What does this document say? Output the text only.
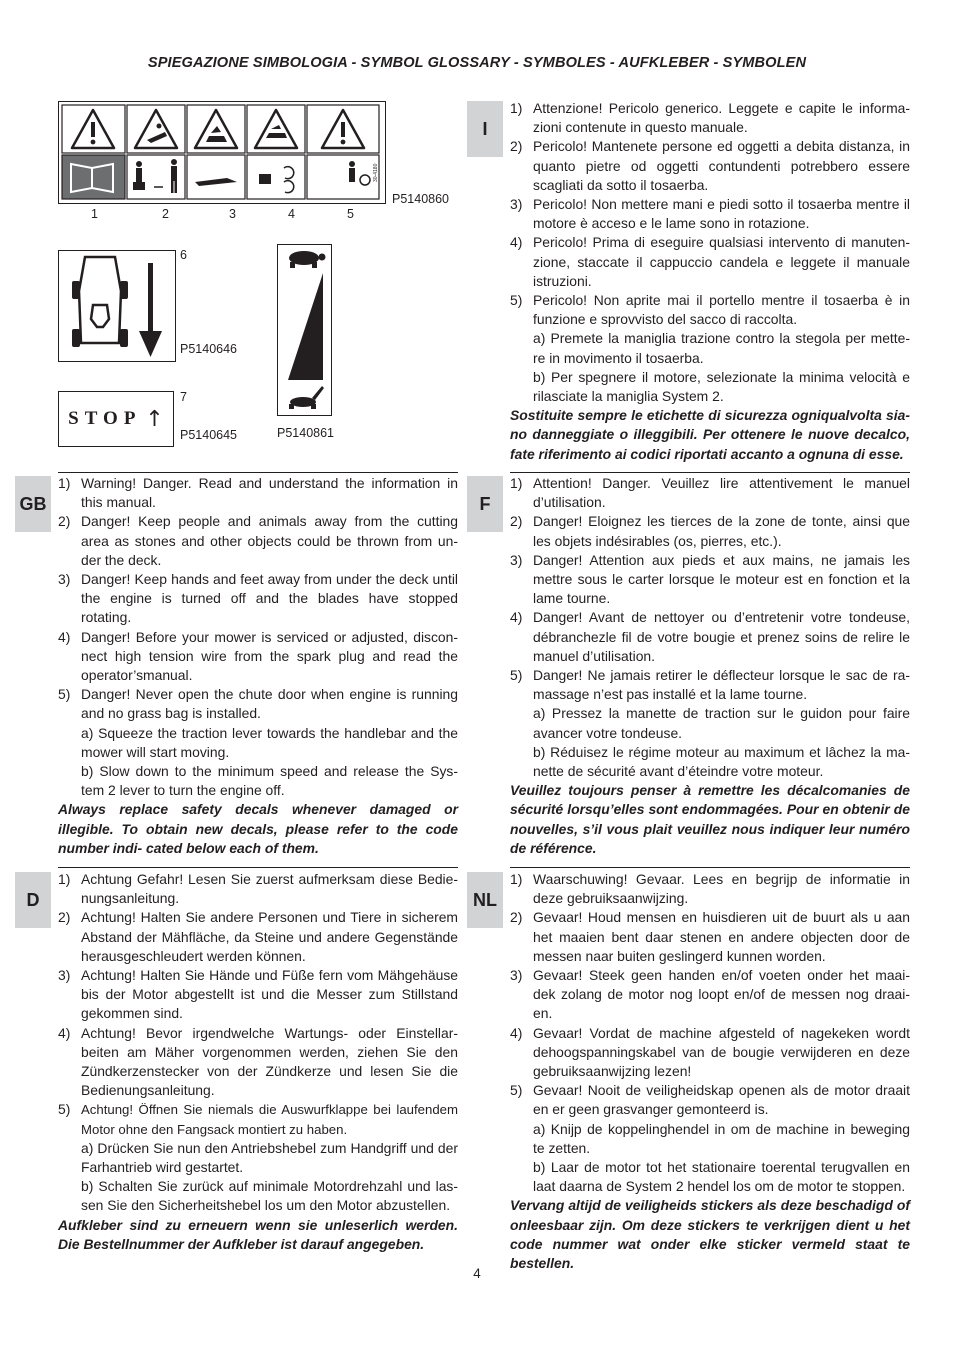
SPIEGAZIONE SIMBOLOGIA - SYMBOL GLOSSARY - SYMBOLES - AUFKLEBER - SYMBOLEN
30-4180
1	2	3	4	5
P5140860
6
P5140646
STOP ↑
7
P5140645	P5140861
I
GB	F
D	NL
1) Attenzione! Pericolo generico. Leggete e capite le informa- zioni contenute in questo manuale.
2) Pericolo! Mantenete persone ed oggetti a debita distanza, in quanto pietre od oggetti contundenti potrebbero essere scagliati da sotto il tosaerba.
3) Pericolo! Non mettere mani e piedi sotto il tosaerba mentre il motore è acceso e le lame sono in rotazione.
4) Pericolo! Prima di eseguire qualsiasi intervento di manuten- zione, staccate il cappuccio candela e leggete il manuale istruzioni.
5) Pericolo! Non aprite mai il portello mentre il tosaerba è in funzione e sprovvisto del sacco di raccolta.
a) Premete la maniglia trazione contro la stegola per mette- re in movimento il tosaerba.
b) Per spegnere il motore, selezionate la minima velocità e rilasciate la maniglia System 2.
Sostituite sempre le etichette di sicurezza ogniqualvolta sia- no danneggiate o illeggibili. Per ottenere le nuove decalco, fate riferimento ai codici riportati accanto a ognuna di esse.
1) Warning! Danger. Read and understand the information in this manual.
2) Danger! Keep people and animals away from the cutting area as stones and other objects could be thrown from un- der the deck.
3) Danger! Keep hands and feet away from under the deck until the engine is turned off and the blades have stopped rotating.
4) Danger! Before your mower is serviced or adjusted, discon- nect high tension wire from the spark plug and read the operator’smanual.
5) Danger! Never open the chute door when engine is running and no grass bag is installed.
a) Squeeze the traction lever towards the handlebar and the mower will start moving.
b) Slow down to the minimum speed and release the Sys- tem 2 lever to turn the engine off.
Always replace safety decals whenever damaged or illegible. To obtain new decals, please refer to the code number indi- cated below each of them.
1) Attention! Danger. Veuillez lire attentivement le manuel d’utilisation.
2) Danger! Eloignez les tierces de la zone de tonte, ainsi que les objets indésirables (os, pierres, etc.).
3) Danger! Attention aux pieds et aux mains, ne jamais les mettre sous le carter lorsque le moteur est en fonction et la lame tourne.
4) Danger! Avant de nettoyer ou d’entretenir votre tondeuse, débranchezle fil de votre bougie et prenez soins de relire le manuel d’utilisation.
5) Danger! Ne jamais retirer le déflecteur lorsque le sac de ra- massage n’est pas installé et la lame tourne.
a) Pressez la manette de traction sur le guidon pour faire avancer votre tondeuse.
b) Réduisez le régime moteur au maximum et lâchez la ma- nette de sécurité avant d’éteindre votre moteur.
Veuillez toujours penser à remettre les décalcomanies de sécurité lorsqu’elles sont endommagées. Pour en obtenir de nouvelles, s’il vous plait veuillez nous indiquer leur numéro de référence.
1) Achtung Gefahr! Lesen Sie zuerst aufmerksam diese Bedie- nungsanleitung.
2) Achtung! Halten Sie andere Personen und Tiere in sicherem Abstand der Mähfläche, da Steine und andere Gegenstände herausgeschleudert werden können.
3) Achtung! Halten Sie Hände und Füße fern vom Mähgehäuse bis der Motor abgestellt ist und die Messer zum Stillstand gekommen sind.
4) Achtung! Bevor irgendwelche Wartungs- oder Einstellar- beiten am Mäher vorgenommen werden, ziehen Sie den Zündkerzenstecker von der Zündkerze und lesen Sie die Bedienungsanleitung.
5) Achtung! Öffnen Sie niemals die Auswurfklappe bei laufendem Motor ohne den Fangsack montiert zu haben.
a) Drücken Sie nun den Antriebshebel zum Handgriff und der Farhantrieb wird gestartet.
b) Schalten Sie zurück auf minimale Motordrehzahl und las- sen Sie den Sicherheitshebel los um den Motor abzustellen.
Aufkleber sind zu erneuern wenn sie unleserlich werden. Die Bestellnummer der Aufkleber ist darauf angegeben.
1) Waarschuwing! Gevaar. Lees en begrijp de informatie in deze gebruiksaanwijzing.
2) Gevaar! Houd mensen en huisdieren uit de buurt als u aan het maaien bent daar stenen en andere objecten door de messen naar buiten geslingerd kunnen worden.
3) Gevaar! Steek geen handen en/of voeten onder het maai- dek zolang de motor nog loopt en/of de messen nog draai- en.
4) Gevaar! Vordat de machine afgesteld of nagekeken wordt dehoogspanningskabel van de bougie verwijderen en deze gebruiksaanwijzing lezen!
5) Gevaar! Nooit de veiligheidskap openen als de motor draait en er geen grasvanger gemonteerd is.
a) Knijp de koppelinghendel in om de machine in beweging te zetten.
b) Laar de motor tot het stationaire toerental terugvallen en laat daarna de System 2 hendel los om de motor te stoppen.
Vervang altijd de veiligheids stickers als deze beschadigd of onleesbaar zijn. Om deze stickers te verkrijgen dient u het code nummer wat onder elke sticker vermeld staat te bestellen.
4
